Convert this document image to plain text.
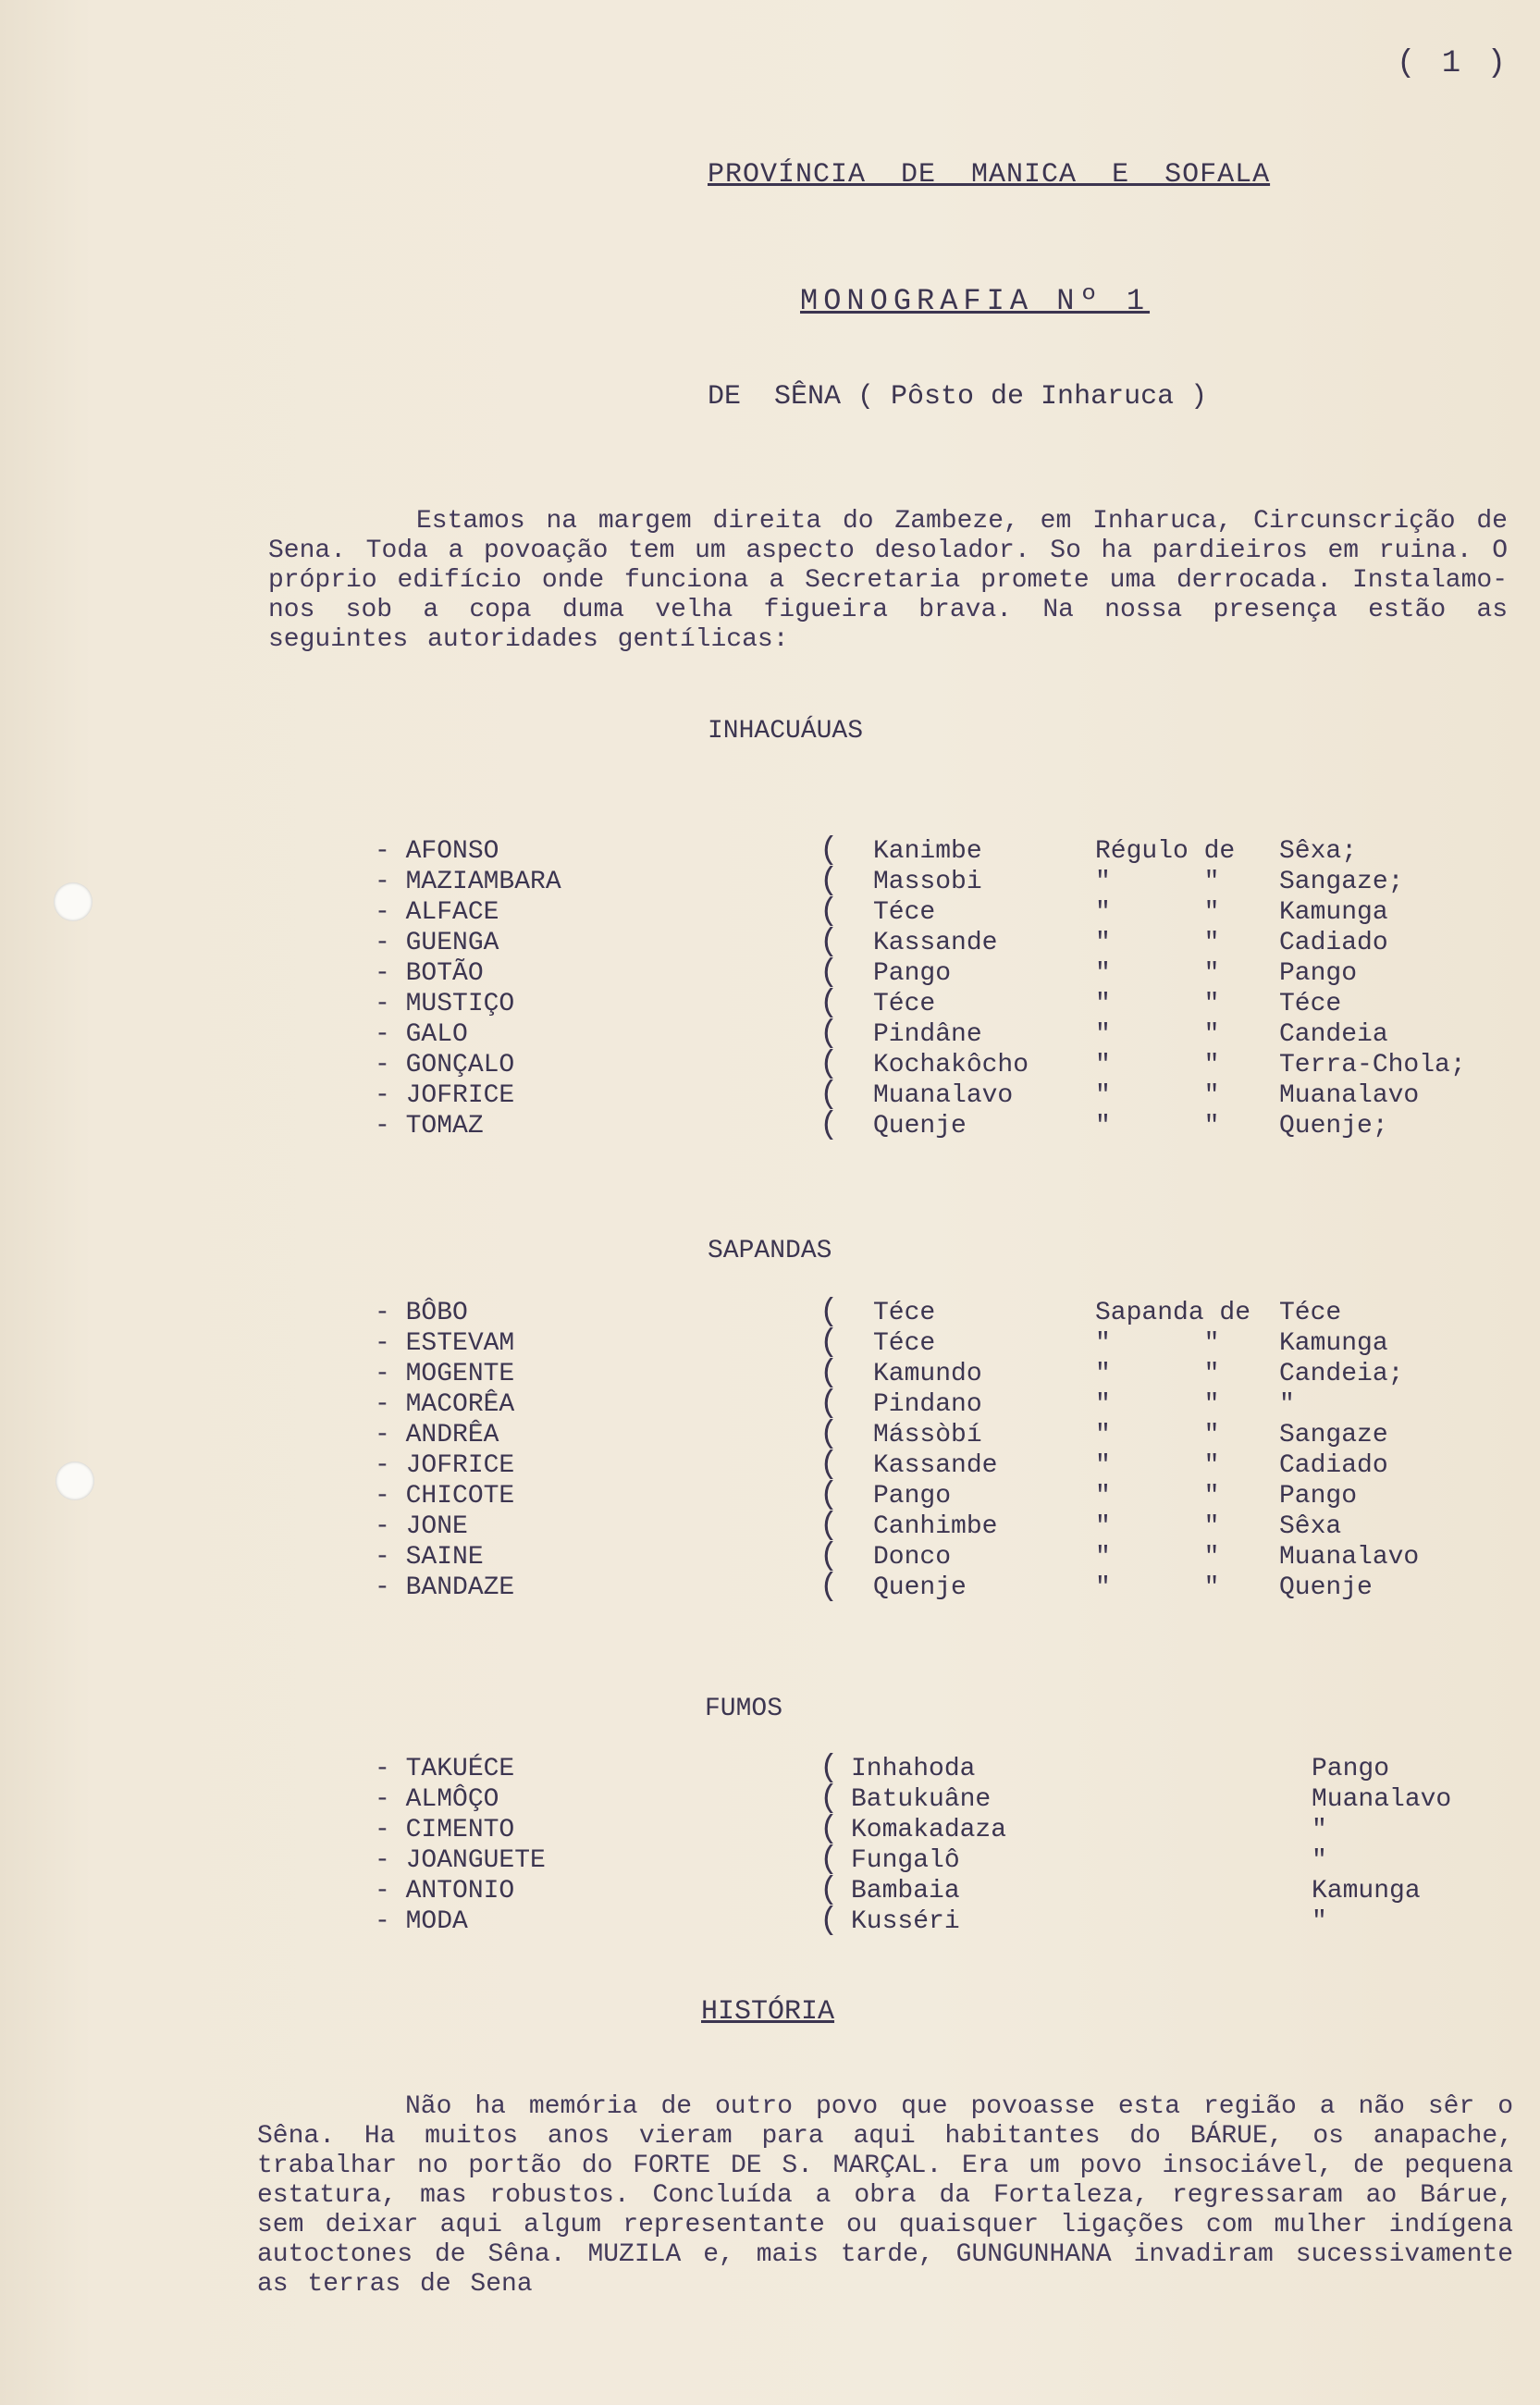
( 1 )
PROVÍNCIA  DE  MANICA  E  SOFALA
MONOGRAFIA Nº 1
DE  SÊNA ( Pôsto de Inharuca )
Estamos na margem direita do Zambeze, em Inharuca, Circunscrição de Sena. Toda a povoação tem um aspecto desolador. So ha pardieiros em ruina. O próprio edifício onde funciona a Secretaria promete uma derrocada. Instalamo-nos sob a copa duma velha figueira brava. Na nossa presença estão as seguintes autoridades gentílicas:
INHACUÁUAS
- AFONSO	( Kanimbe	Régulo de Sêxa;
- MAZIAMBARA	( Massobi	"      " Sangaze;
- ALFACE	( Téce	"      " Kamunga
- GUENGA	( Kassande	"      " Cadiado
- BOTÃO	( Pango	"      " Pango
- MUSTIÇO	( Téce	"      " Téce
- GALO	( Pindâne	"      " Candeia
- GONÇALO	( Kochakôcho	"      " Terra-Chola;
- JOFRICE	( Muanalavo	"      " Muanalavo
- TOMAZ	( Quenje	"      " Quenje;
SAPANDAS
- BÔBO	( Téce	Sapanda de Téce
- ESTEVAM	( Téce	"      " Kamunga
- MOGENTE	( Kamundo	"      " Candeia;
- MACORÊA	( Pindano	"      " "
- ANDRÊA	( Mássòbí	"      " Sangaze
- JOFRICE	( Kassande	"      " Cadiado
- CHICOTE	( Pango	"      " Pango
- JONE	( Canhimbe	"      " Sêxa
- SAINE	( Donco	"      " Muanalavo
- BANDAZE	( Quenje	"      " Quenje
FUMOS
- TAKUÉCE	( Inhahoda	Pango
- ALMÔÇO	( Batukuâne	Muanalavo
- CIMENTO	( Komakadaza	"
- JOANGUETE	( Fungalô	"
- ANTONIO	( Bambaia	Kamunga
- MODA	( Kusséri	"
HISTÓRIA
Não ha memória de outro povo que povoasse esta região a não sêr o Sêna. Ha muitos anos vieram para aqui habitantes do BÁRUE, os anapache, trabalhar no portão do FORTE DE S. MARÇAL. Era um povo insociável, de pequena estatura, mas robustos. Concluída a obra da Fortaleza, regressaram ao Bárue, sem deixar aqui algum representante ou quaisquer ligações com mulher indígena autoctones de Sêna. MUZILA e, mais tarde, GUNGUNHANA invadiram sucessivamente as terras de Sena
